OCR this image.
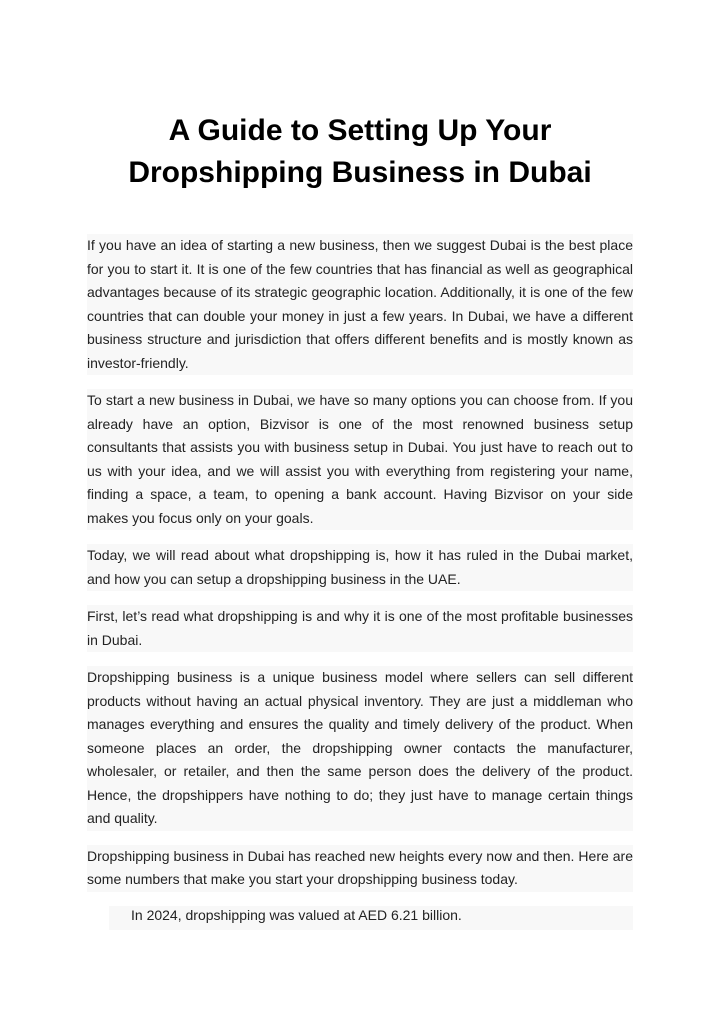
A Guide to Setting Up Your
Dropshipping Business in Dubai

If you have an idea of starting a new business, then we suggest Dubai is the best place for you to start it. It is one of the few countries that has financial as well as geographical advantages because of its strategic geographic location. Additionally, it is one of the few countries that can double your money in just a few years. In Dubai, we have a different business structure and jurisdiction that offers different benefits and is mostly known as investor-friendly.

To start a new business in Dubai, we have so many options you can choose from. If you already have an option, Bizvisor is one of the most renowned business setup consultants that assists you with business setup in Dubai. You just have to reach out to us with your idea, and we will assist you with everything from registering your name, finding a space, a team, to opening a bank account. Having Bizvisor on your side makes you focus only on your goals.

Today, we will read about what dropshipping is, how it has ruled in the Dubai market, and how you can setup a dropshipping business in the UAE.

First, let’s read what dropshipping is and why it is one of the most profitable businesses in Dubai.

Dropshipping business is a unique business model where sellers can sell different products without having an actual physical inventory. They are just a middleman who manages everything and ensures the quality and timely delivery of the product. When someone places an order, the dropshipping owner contacts the manufacturer, wholesaler, or retailer, and then the same person does the delivery of the product. Hence, the dropshippers have nothing to do; they just have to manage certain things and quality.

Dropshipping business in Dubai has reached new heights every now and then. Here are some numbers that make you start your dropshipping business today.

In 2024, dropshipping was valued at AED 6.21 billion.
